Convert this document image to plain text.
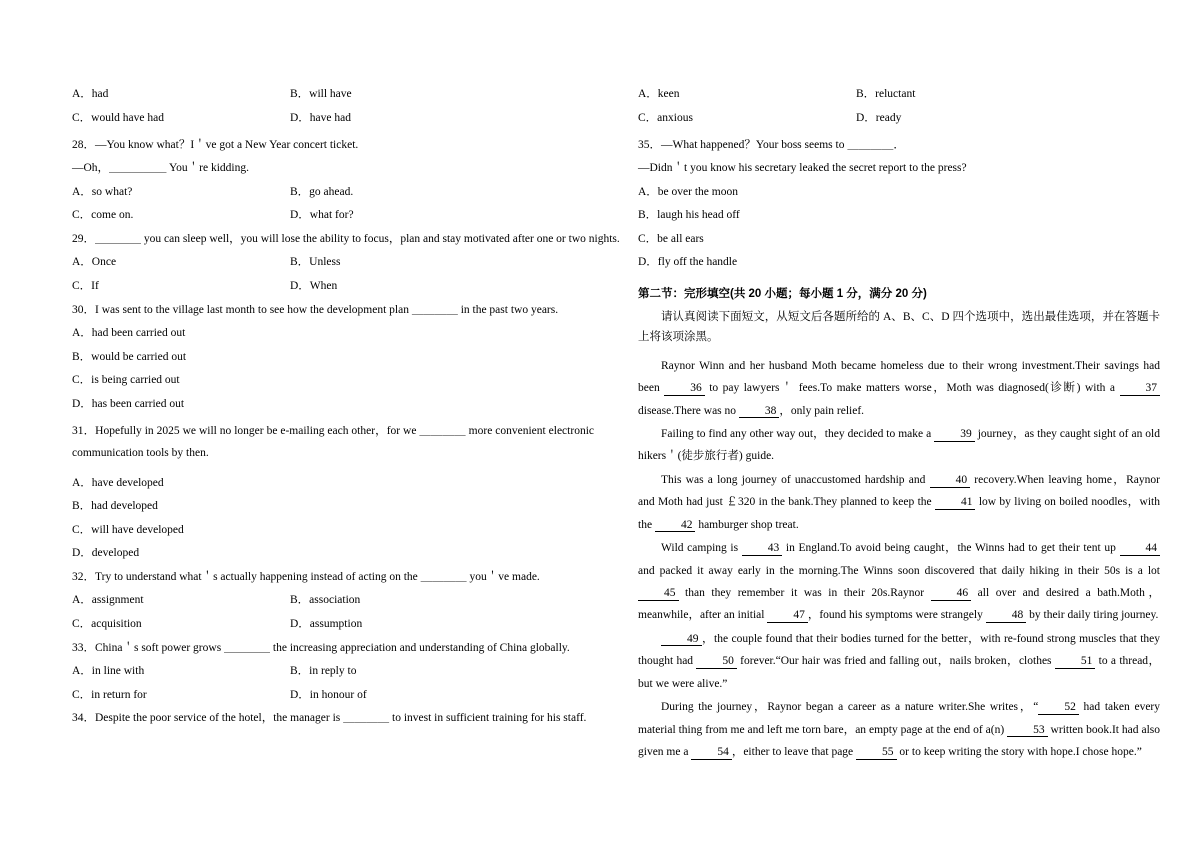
A．had	B．will have
C．would have had	D．have had
28．—You know what？I＇ve got a New Year concert ticket.
—Oh，＿＿＿＿＿ You＇re kidding.
A．so what?	B．go ahead.
C．come on.	D．what for?
29．＿＿＿＿ you can sleep well，you will lose the ability to focus，plan and stay motivated after one or two nights.
A．Once	B．Unless
C．If	D．When
30．I was sent to the village last month to see how the development plan ＿＿＿＿ in the past two years.
A．had been carried out
B．would be carried out
C．is being carried out
D．has been carried out
31．Hopefully in 2025 we will no longer be e-mailing each other，for we ＿＿＿＿ more convenient electronic communication tools by then.
A．have developed
B．had developed
C．will have developed
D．developed
32．Try to understand what＇s actually happening instead of acting on the ＿＿＿＿ you＇ve made.
A．assignment	B．association
C．acquisition	D．assumption
33．China＇s soft power grows ＿＿＿＿ the increasing appreciation and understanding of China globally.
A．in line with	B．in reply to
C．in return for	D．in honour of
34．Despite the poor service of the hotel，the manager is ＿＿＿＿ to invest in sufficient training for his staff.
A．keen	B．reluctant
C．anxious	D．ready
35．—What happened？Your boss seems to ＿＿＿＿．
—Didn＇t you know his secretary leaked the secret report to the press?
A．be over the moon
B．laugh his head off
C．be all ears
D．fly off the handle
第二节：完形填空(共 20 小题；每小题 1 分，满分 20 分)
请认真阅读下面短文，从短文后各题所给的 A、B、C、D 四个选项中，选出最佳选项，并在答题卡上将该项涂黑。
Raynor Winn and her husband Moth became homeless due to their wrong investment.Their savings had been 36 to pay lawyers＇ fees.To make matters worse，Moth was diagnosed(诊断) with a 37 disease.There was no 38 ，only pain relief.
Failing to find any other way out，they decided to make a 39 journey，as they caught sight of an old hikers＇(徒步旅行者) guide.
This was a long journey of unaccustomed hardship and 40 recovery.When leaving home，Raynor and Moth had just ￡320 in the bank.They planned to keep the 41 low by living on boiled noodles，with the 42 hamburger shop treat.
Wild camping is 43 in England.To avoid being caught，the Winns had to get their tent up 44 and packed it away early in the morning.The Winns soon discovered that daily hiking in their 50s is a lot 45 than they remember it was in their 20s.Raynor 46 all over and desired a bath.Moth，meanwhile，after an initial 47 ，found his symptoms were strangely 48 by their daily tiring journey.
49 ，the couple found that their bodies turned for the better，with re-found strong muscles that they thought had 50 forever.“Our hair was fried and falling out，nails broken，clothes 51 to a thread，but we were alive.”
During the journey，Raynor began a career as a nature writer.She writes，“ 52 had taken every material thing from me and left me torn bare，an empty page at the end of a(n) 53 written book.It had also given me a 54 ，either to leave that page 55 or to keep writing the story with hope.I chose hope.”
